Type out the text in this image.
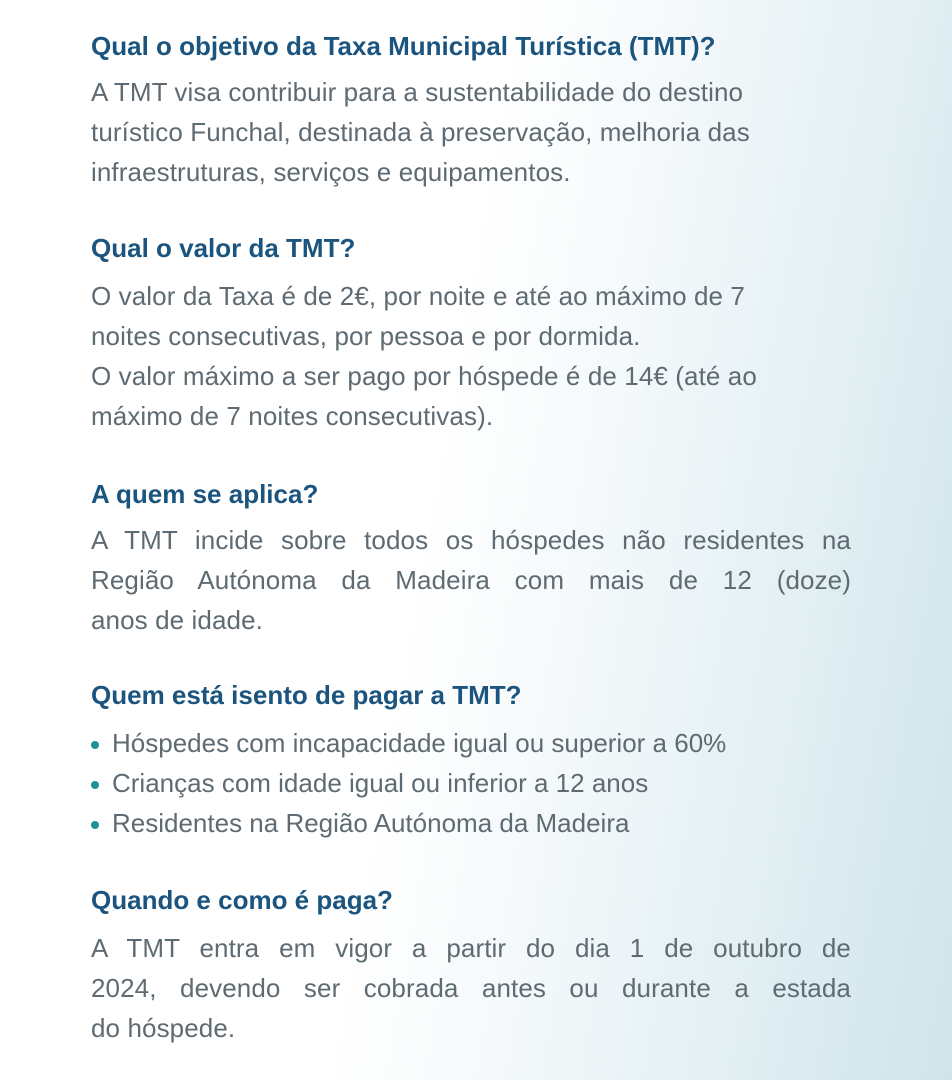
Qual o objetivo da Taxa Municipal Turística (TMT)?

A TMT visa contribuir para a sustentabilidade do destino
turístico Funchal, destinada à preservação, melhoria das
infraestruturas, serviços e equipamentos.

Qual o valor da TMT?

O valor da Taxa é de 2€, por noite e até ao máximo de 7
noites consecutivas, por pessoa e por dormida.
O valor máximo a ser pago por hóspede é de 14€ (até ao
máximo de 7 noites consecutivas).

A quem se aplica?

A TMT incide sobre todos os hóspedes não residentes na
Região Autónoma da Madeira com mais de 12 (doze)
anos de idade.

Quem está isento de pagar a TMT?
Hóspedes com incapacidade igual ou superior a 60%
Crianças com idade igual ou inferior a 12 anos
Residentes na Região Autónoma da Madeira
Quando e como é paga?

A TMT entra em vigor a partir do dia 1 de outubro de
2024, devendo ser cobrada antes ou durante a estada
do hóspede.
